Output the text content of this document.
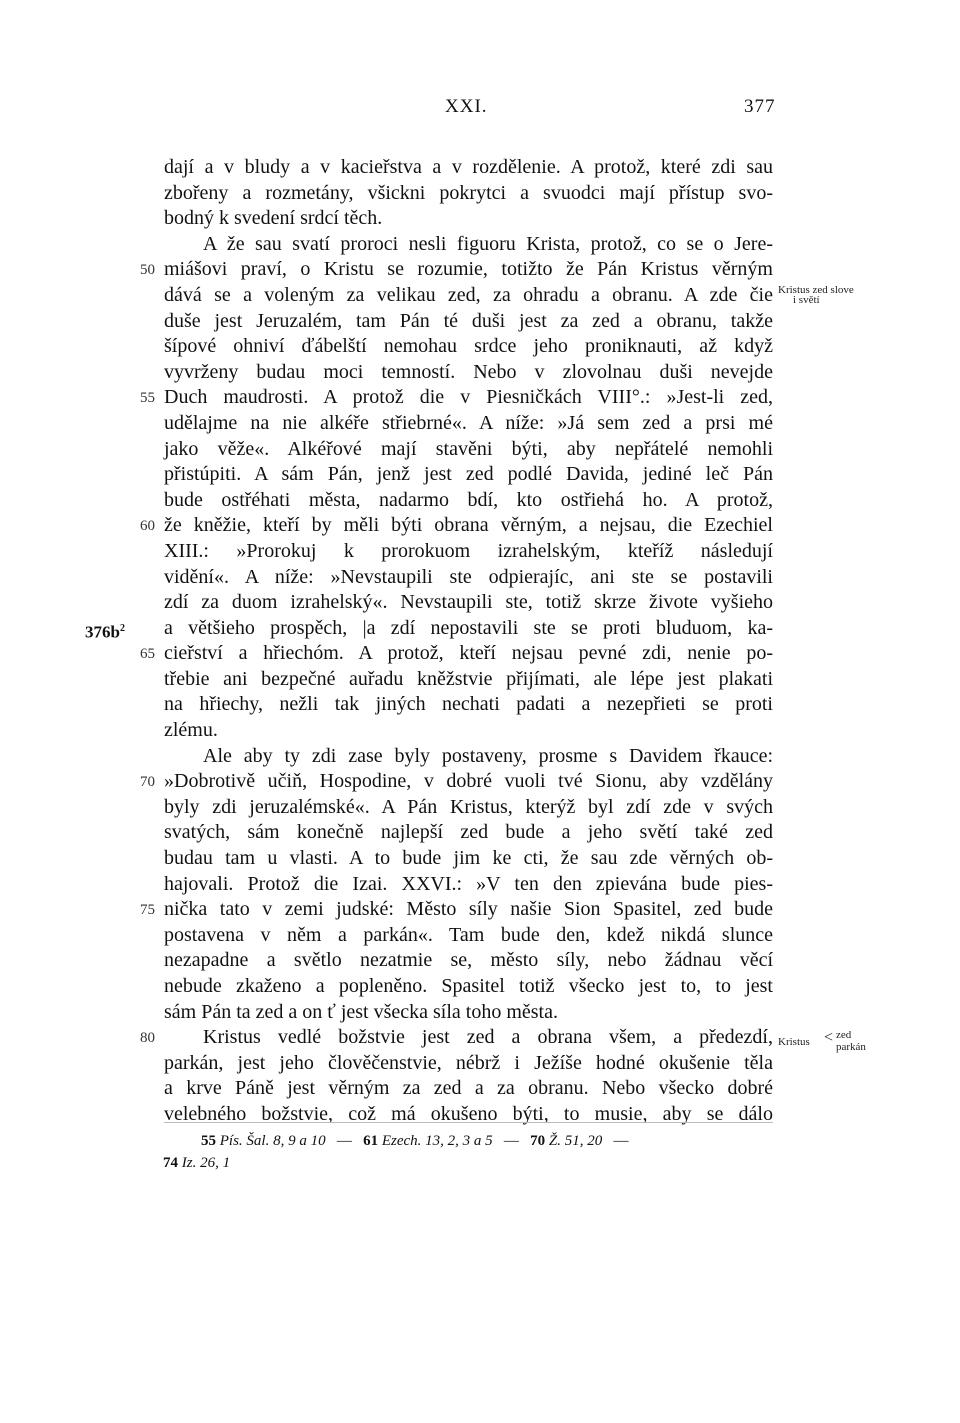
XXI.	377
dají a v bludy a v kacieřstva a v rozdělenie. A protož, které zdi sau
zbořeny a rozmetány, všickni pokrytci a svuodci mají přístup svo-
bodný k svedení srdcí těch.
A že sau svatí proroci nesli figuoru Krista, protož, co se o Jere-
miášovi praví, o Kristu se rozumie, totižto že Pán Kristus věrným
50
dává se a voleným za velikau zed, za ohradu a obranu. A zde čie Kristus zed slove
i světí
duše jest Jeruzalém, tam Pán té duši jest za zed a obranu, takže
šípové ohniví ďábelští nemohau srdce jeho proniknauti, až když
vyvrženy budau moci temností. Nebo v zlovolnau duši nevejde
Duch maudrosti. A protož die v Piesničkách VIII°.: »Jest-li zed,
55
udělajme na nie alkéře střiebrné«. A níže: »Já sem zed a prsi mé
jako věže«. Alkéřové mají stavěni býti, aby nepřátelé nemohli
přistúpiti. A sám Pán, jenž jest zed podlé Davida, jediné leč Pán
bude ostřéhati města, nadarmo bdí, kto ostřiehá ho. A protož,
že kněžie, kteří by měli býti obrana věrným, a nejsau, die Ezechiel
60
XIII.: »Prorokuj k prorokuom izrahelským, kteříž následují
vidění«. A níže: »Nevstaupili ste odpierajíc, ani ste se postavili
zdí za duom izrahelský«. Nevstaupili ste, totiž skrze živote vyšieho
a většieho prospěch, |a zdí nepostavili ste se proti bluduom, ka-
$376b^2$
cieřství a hřiechóm. A protož, kteří nejsau pevné zdi, nenie po-
65
třebie ani bezpečné auřadu kněžstvie přijímati, ale lépe jest plakati
na hřiechy, nežli tak jiných nechati padati a nezepřieti se proti
zlému.
Ale aby ty zdi zase byly postaveny, prosme s Davidem řkauce:
»Dobrotivě učiň, Hospodine, v dobré vuoli tvé Sionu, aby vzdělány
70
byly zdi jeruzalémské«. A Pán Kristus, kterýž byl zdí zde v svých
svatých, sám konečně najlepší zed bude a jeho světí také zed
budau tam u vlasti. A to bude jim ke cti, že sau zde věrných ob-
hajovali. Protož die Izai. XXVI.: »V ten den zpievána bude pies-
nička tato v zemi judské: Město síly našie Sion Spasitel, zed bude
75
postavena v něm a parkán«. Tam bude den, kdež nikdá slunce
nezapadne a světlo nezatmie se, město síly, nebo žádnau věcí
nebude zkaženo a popleněno. Spasitel totiž všecko jest to, to jest
sám Pán ta zed a on ť jest všecka síla toho města.
Kristus vedlé božstvie jest zed a obrana všem, a předezdí,
80	Kristus < zed
parkán
parkán, jest jeho člověčenstvie, nébrž i Ježíše hodné okušenie těla
a krve Páně jest věrným za zed a za obranu. Nebo všecko dobré
velebného božstvie, což má okušeno býti, to musie, aby se dálo
55 Pís. Šal. 8, 9 a 10   —  61 Ezech. 13, 2, 3 a 5   —  70 Ž. 51, 20   — 
74 Iz. 26, 1
